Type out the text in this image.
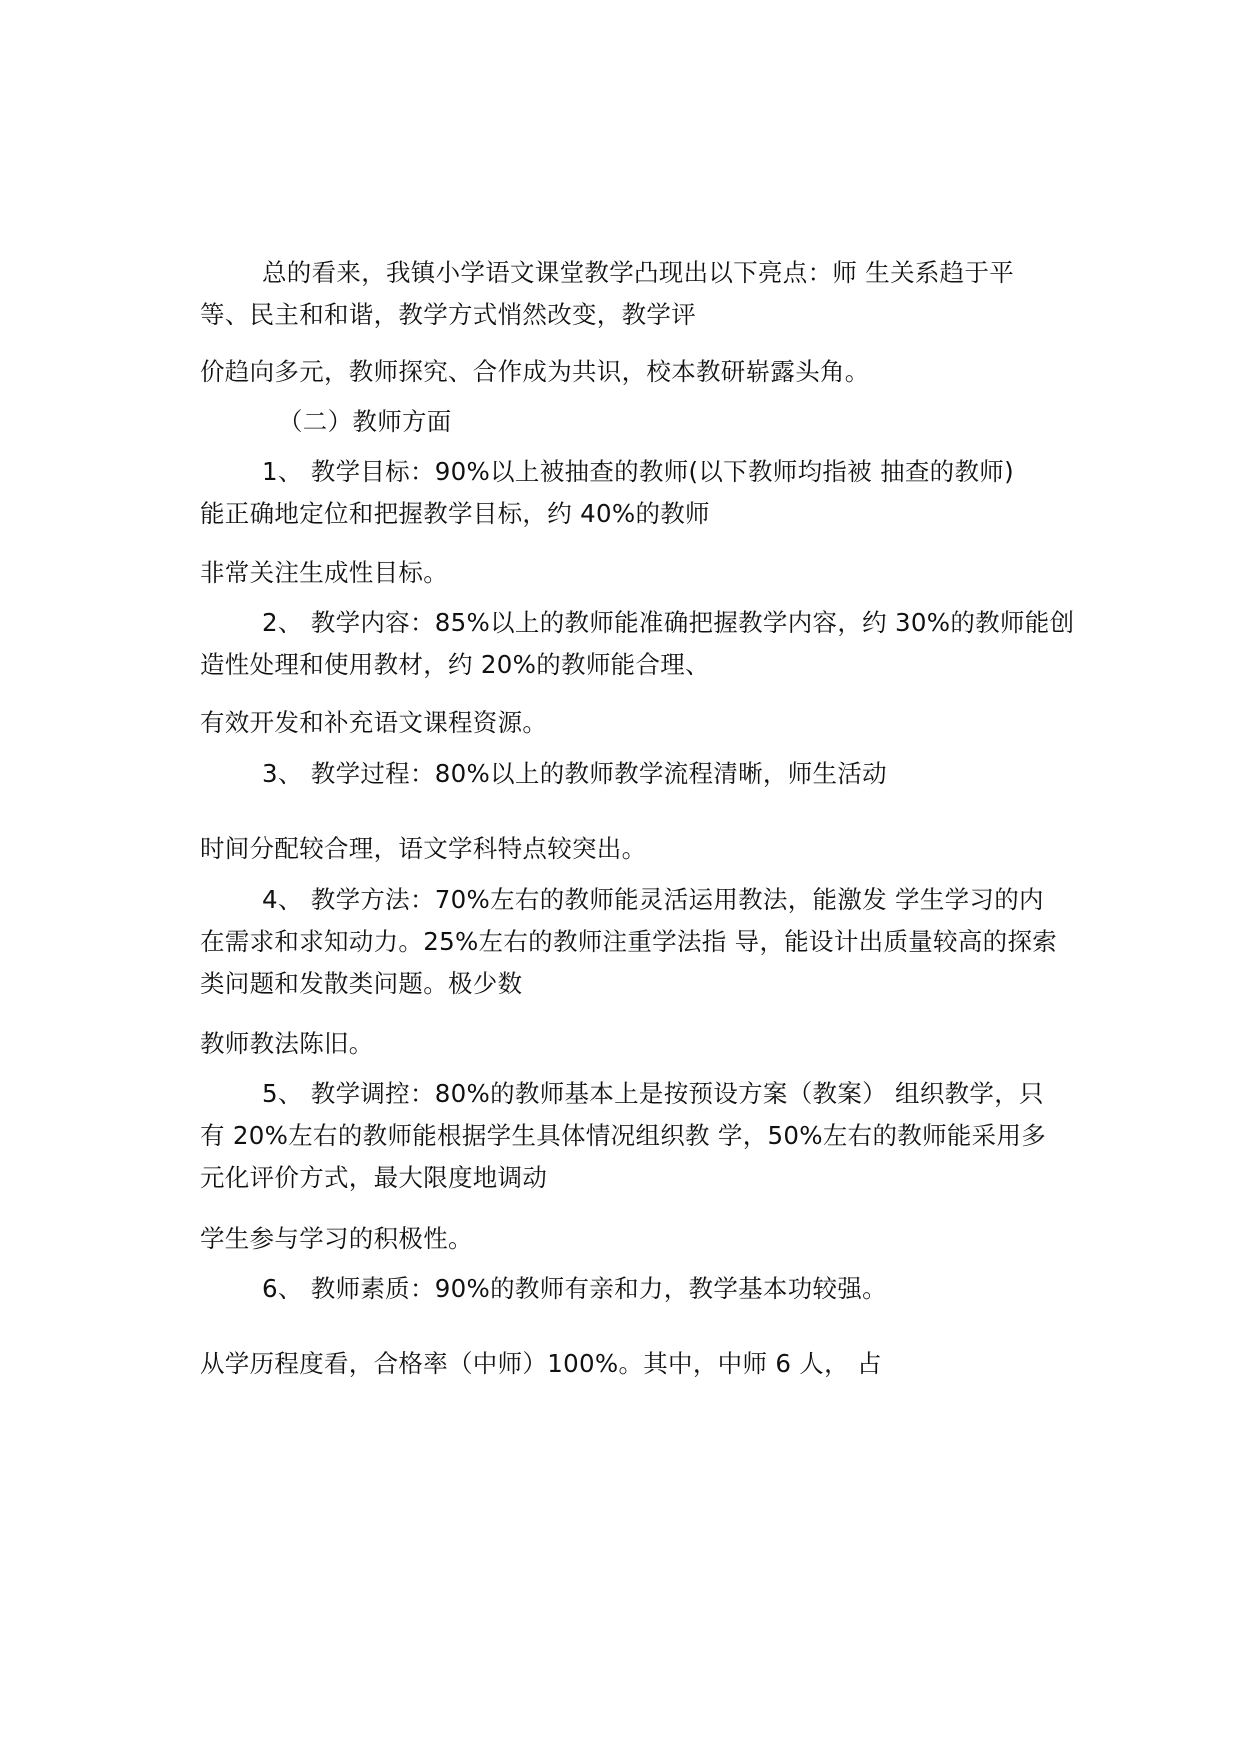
总的看来，我镇小学语文课堂教学凸现出以下亮点：师 生关系趋于平
等、民主和和谐，教学方式悄然改变，教学评
价趋向多元，教师探究、合作成为共识，校本教研崭露头角。
（二）教师方面
1、 教学目标：90%以上被抽查的教师(以下教师均指被 抽查的教师)
能正确地定位和把握教学目标，约 40%的教师
非常关注生成性目标。
2、 教学内容：85%以上的教师能准确把握教学内容，约 30%的教师能创
造性处理和使用教材，约 20%的教师能合理、
有效开发和补充语文课程资源。
3、 教学过程：80%以上的教师教学流程清晰，师生活动
时间分配较合理，语文学科特点较突出。
4、 教学方法：70%左右的教师能灵活运用教法，能激发 学生学习的内
在需求和求知动力。25%左右的教师注重学法指 导，能设计出质量较高的探索
类问题和发散类问题。极少数
教师教法陈旧。
5、 教学调控：80%的教师基本上是按预设方案（教案） 组织教学，只
有 20%左右的教师能根据学生具体情况组织教 学，50%左右的教师能采用多
元化评价方式，最大限度地调动
学生参与学习的积极性。
6、 教师素质：90%的教师有亲和力，教学基本功较强。
从学历程度看，合格率（中师）100%。其中，中师 6 人， 占
